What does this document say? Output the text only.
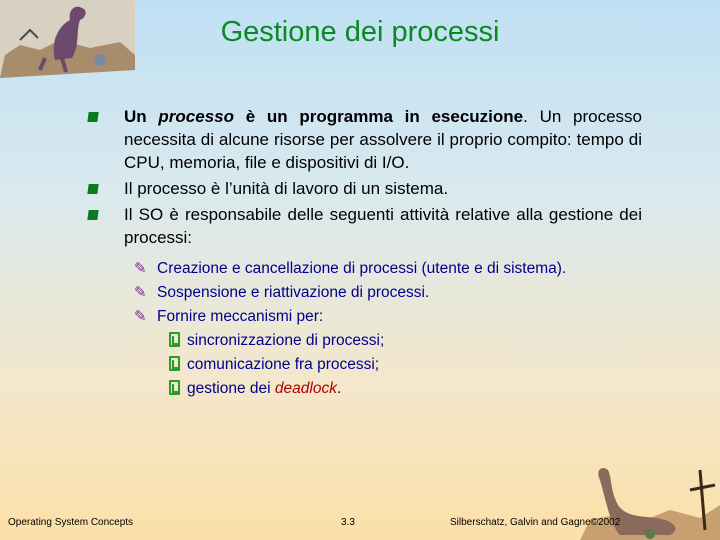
Gestione dei processi
Un processo è un programma in esecuzione. Un processo necessita di alcune risorse per assolvere il proprio compito: tempo di CPU, memoria, file e dispositivi di I/O.
Il processo è l’unità di lavoro di un sistema.
Il SO è responsabile delle seguenti attività relative alla gestione dei processi:
✎ Creazione e cancellazione di processi (utente e di sistema).
✎ Sospensione e riattivazione di processi.
✎ Fornire meccanismi per:
sincronizzazione di processi;
comunicazione fra processi;
gestione dei deadlock.
Operating System Concepts	3.3	Silberschatz, Galvin and Gagne©2002
